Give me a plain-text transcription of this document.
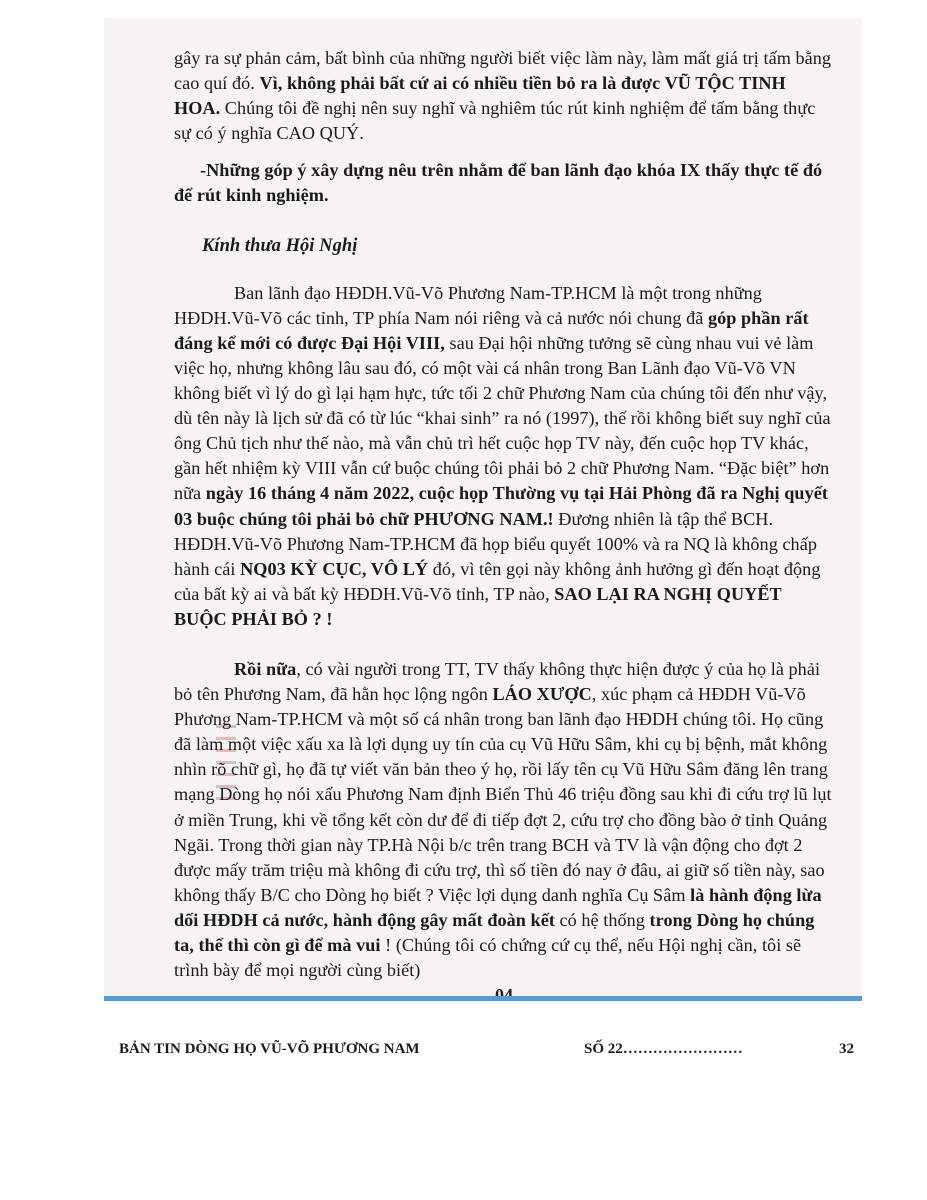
gây ra sự phản cảm, bất bình của những người biết việc làm này, làm mất giá trị tấm bằng cao quí đó. Vì, không phải bất cứ ai có nhiều tiền bỏ ra là được VŨ TỘC TINH HOA. Chúng tôi đề nghị nên suy nghĩ và nghiêm túc rút kinh nghiệm để tấm bằng thực sự có ý nghĩa CAO QUÝ.

-Những góp ý xây dựng nêu trên nhằm để ban lãnh đạo khóa IX thấy thực tế đó để rút kinh nghiệm.

Kính thưa Hội Nghị

Ban lãnh đạo HĐDH.Vũ-Võ Phương Nam-TP.HCM là một trong những HĐDH.Vũ-Võ các tỉnh, TP phía Nam nói riêng và cả nước nói chung đã góp phần rất đáng kể mới có được Đại Hội VIII, sau Đại hội những tưởng sẽ cùng nhau vui vẻ làm việc họ, nhưng không lâu sau đó, có một vài cá nhân trong Ban Lãnh đạo Vũ-Võ VN không biết vì lý do gì lại hạm hực, tức tối 2 chữ Phương Nam của chúng tôi đến như vậy, dù tên này là lịch sử đã có từ lúc “khai sinh” ra nó (1997), thế rồi không biết suy nghĩ của ông Chủ tịch như thế nào, mà vẫn chủ trì hết cuộc họp TV này, đến cuộc họp TV khác, gần hết nhiệm kỳ VIII vẫn cứ buộc chúng tôi phải bỏ 2 chữ Phương Nam. “Đặc biệt” hơn nữa ngày 16 tháng 4 năm 2022, cuộc họp Thường vụ tại Hải Phòng đã ra Nghị quyết 03 buộc chúng tôi phải bỏ chữ PHƯƠNG NAM.! Đương nhiên là tập thể BCH. HĐDH.Vũ-Võ Phương Nam-TP.HCM đã họp biểu quyết 100% và ra NQ là không chấp hành cái NQ03 KỲ CỤC, VÔ LÝ đó, vì tên gọi này không ảnh hưởng gì đến hoạt động của bất kỳ ai và bất kỳ HĐDH.Vũ-Võ tỉnh, TP nào, SAO LẠI RA NGHỊ QUYẾT BUỘC PHẢI BỎ ? !

Rồi nữa, có vài người trong TT, TV thấy không thực hiện được ý của họ là phải bỏ tên Phương Nam, đã hằn học lộng ngôn LÁO XƯỢC, xúc phạm cả HĐDH Vũ-Võ Phương Nam-TP.HCM và một số cá nhân trong ban lãnh đạo HĐDH chúng tôi. Họ cũng đã làm một việc xấu xa là lợi dụng uy tín của cụ Vũ Hữu Sâm, khi cụ bị bệnh, mắt không nhìn rõ chữ gì, họ đã tự viết văn bản theo ý họ, rồi lấy tên cụ Vũ Hữu Sâm đăng lên trang mạng Dòng họ nói xấu Phương Nam định Biển Thủ 46 triệu đồng sau khi đi cứu trợ lũ lụt ở miền Trung, khi về tổng kết còn dư để đi tiếp đợt 2, cứu trợ cho đồng bào ở tỉnh Quảng Ngãi. Trong thời gian này TP.Hà Nội b/c trên trang BCH và TV là vận động cho đợt 2 được mấy trăm triệu mà không đi cứu trợ, thì số tiền đó nay ở đâu, ai giữ số tiền này, sao không thấy B/C cho Dòng họ biết ? Việc lợi dụng danh nghĩa Cụ Sâm là hành động lừa dối HĐDH cả nước, hành động gây mất đoàn kết có hệ thống trong Dòng họ chúng ta, thế thì còn gì để mà vui ! (Chúng tôi có chứng cứ cụ thể, nếu Hội nghị cần, tôi sẽ trình bày để mọi người cùng biết)

BẢN TIN DÒNG HỌ VŨ-VÕ PHƯƠNG NAM	SỐ 22……………………	32
